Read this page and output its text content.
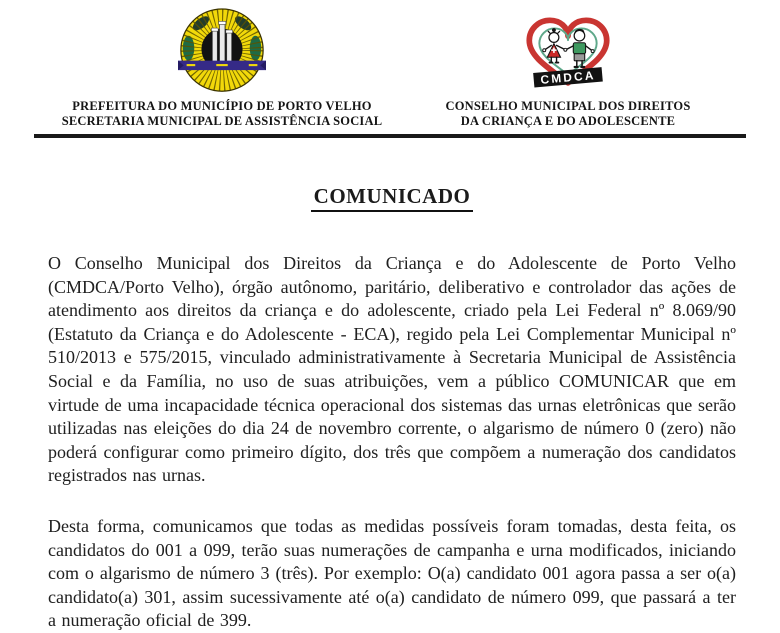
PREFEITURA DO MUNICÍPIO DE PORTO VELHO
SECRETARIA MUNICIPAL DE ASSISTÊNCIA SOCIAL
CMDCA
CONSELHO MUNICIPAL DOS DIREITOS
DA CRIANÇA E DO ADOLESCENTE
COMUNICADO

O Conselho Municipal dos Direitos da Criança e do Adolescente de Porto Velho (CMDCA/Porto Velho), órgão autônomo, paritário, deliberativo e controlador das ações de atendimento aos direitos da criança e do adolescente, criado pela Lei Federal nº 8.069/90 (Estatuto da Criança e do Adolescente - ECA), regido pela Lei Complementar Municipal nº 510/2013 e 575/2015, vinculado administrativamente à Secretaria Municipal de Assistência Social e da Família, no uso de suas atribuições, vem a público COMUNICAR que em virtude de uma incapacidade técnica operacional dos sistemas das urnas eletrônicas que serão utilizadas nas eleições do dia 24 de novembro corrente, o algarismo de número 0 (zero) não poderá configurar como primeiro dígito, dos três que compõem a numeração dos candidatos registrados nas urnas.

Desta forma, comunicamos que todas as medidas possíveis foram tomadas, desta feita, os candidatos do 001 a 099, terão suas numerações de campanha e urna modificados, iniciando com o algarismo de número 3 (três). Por exemplo: O(a) candidato 001 agora passa a ser o(a) candidato(a) 301, assim sucessivamente até o(a) candidato de número 099, que passará a ter a numeração oficial de 399.
